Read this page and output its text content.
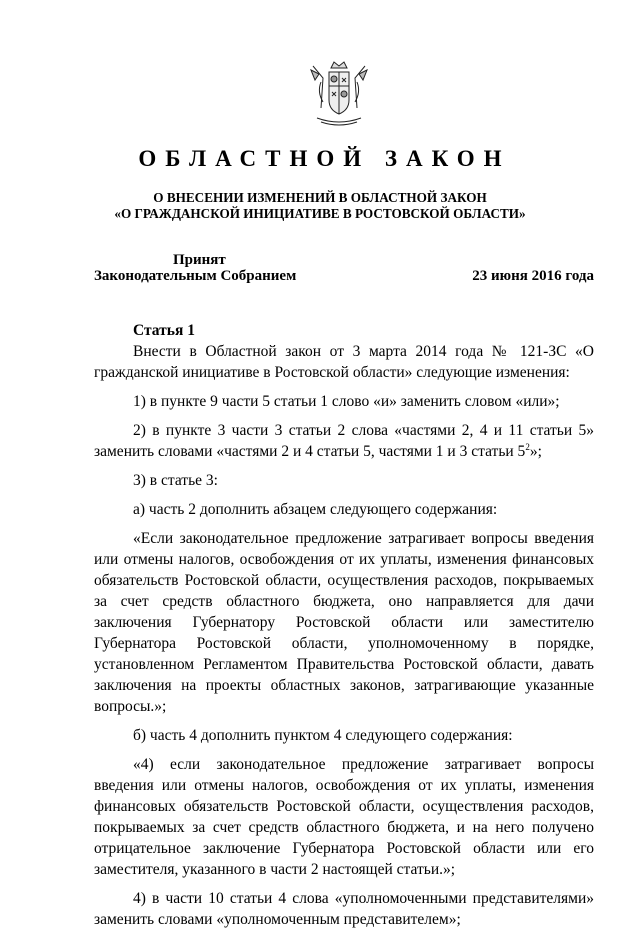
ОБЛАСТНОЙ ЗАКОН
О ВНЕСЕНИИ ИЗМЕНЕНИЙ В ОБЛАСТНОЙ ЗАКОН
«О ГРАЖДАНСКОЙ ИНИЦИАТИВЕ В РОСТОВСКОЙ ОБЛАСТИ»
Принят
Законодательным Собранием	23 июня 2016 года
Статья 1

Внести в Областной закон от 3 марта 2014 года № 121-ЗС «О гражданской инициативе в Ростовской области» следующие изменения:

1) в пункте 9 части 5 статьи 1 слово «и» заменить словом «или»;

2) в пункте 3 части 3 статьи 2 слова «частями 2, 4 и 11 статьи 5» заменить словами «частями 2 и 4 статьи 5, частями 1 и 3 статьи $5^2$»;

3) в статье 3:

а) часть 2 дополнить абзацем следующего содержания:

«Если законодательное предложение затрагивает вопросы введения или отмены налогов, освобождения от их уплаты, изменения финансовых обязательств Ростовской области, осуществления расходов, покрываемых за счет средств областного бюджета, оно направляется для дачи заключения Губернатору Ростовской области или заместителю Губернатора Ростовской области, уполномоченному в порядке, установленном Регламентом Правительства Ростовской области, давать заключения на проекты областных законов, затрагивающие указанные вопросы.»;

б) часть 4 дополнить пунктом 4 следующего содержания:

«4) если законодательное предложение затрагивает вопросы введения или отмены налогов, освобождения от их уплаты, изменения финансовых обязательств Ростовской области, осуществления расходов, покрываемых за счет средств областного бюджета, и на него получено отрицательное заключение Губернатора Ростовской области или его заместителя, указанного в части 2 настоящей статьи.»;

4) в части 10 статьи 4 слова «уполномоченными представителями» заменить словами «уполномоченным представителем»;
